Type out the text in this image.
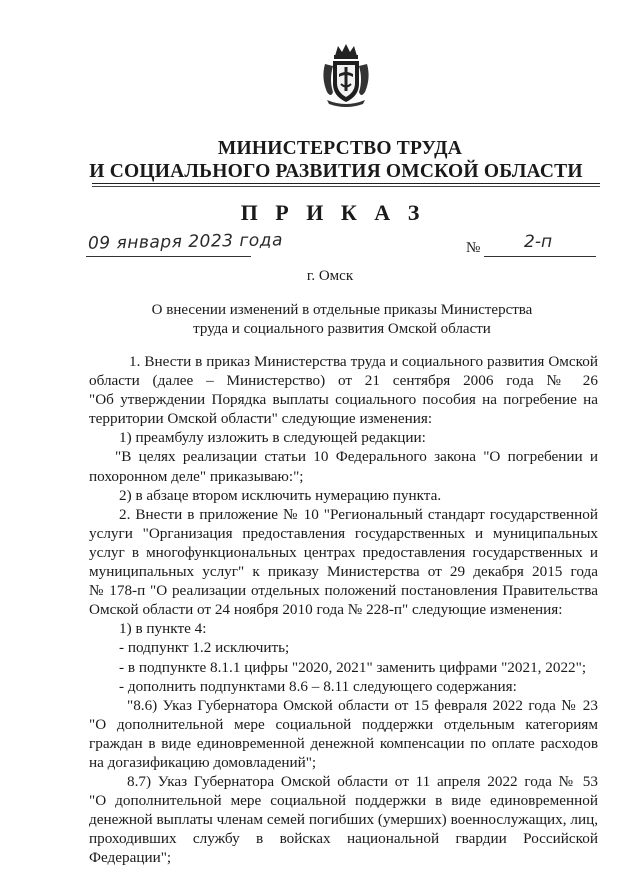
МИНИСТЕРСТВО ТРУДА
И СОЦИАЛЬНОГО РАЗВИТИЯ ОМСКОЙ ОБЛАСТИ
П Р И К А З
09 января 2023 года	№	2-п
г. Омск
О внесении изменений в отдельные приказы Министерства
труда и социального развития Омской области
1. Внести в приказ Министерства труда и социального развития Омской
области (далее – Министерство) от 21 сентября 2006 года № 26
"Об утверждении Порядка выплаты социального пособия на погребение на
территории Омской области" следующие изменения:
1) преамбулу изложить в следующей редакции:
"В целях реализации статьи 10 Федерального закона "О погребении и
похоронном деле" приказываю:";
2) в абзаце втором исключить нумерацию пункта.
2. Внести в приложение № 10 "Региональный стандарт государственной
услуги "Организация предоставления государственных и муниципальных
услуг в многофункциональных центрах предоставления государственных и
муниципальных услуг" к приказу Министерства от 29 декабря 2015 года
№ 178-п "О реализации отдельных положений постановления Правительства
Омской области от 24 ноября 2010 года № 228-п" следующие изменения:
1) в пункте 4:
- подпункт 1.2 исключить;
- в подпункте 8.1.1 цифры "2020, 2021" заменить цифрами "2021, 2022";
- дополнить подпунктами 8.6 – 8.11 следующего содержания:
"8.6) Указ Губернатора Омской области от 15 февраля 2022 года № 23
"О дополнительной мере социальной поддержки отдельным категориям
граждан в виде единовременной денежной компенсации по оплате расходов
на догазификацию домовладений";
8.7) Указ Губернатора Омской области от 11 апреля 2022 года № 53
"О дополнительной мере социальной поддержки в виде единовременной
денежной выплаты членам семей погибших (умерших) военнослужащих, лиц,
проходивших службу в войсках национальной гвардии Российской
Федерации";
